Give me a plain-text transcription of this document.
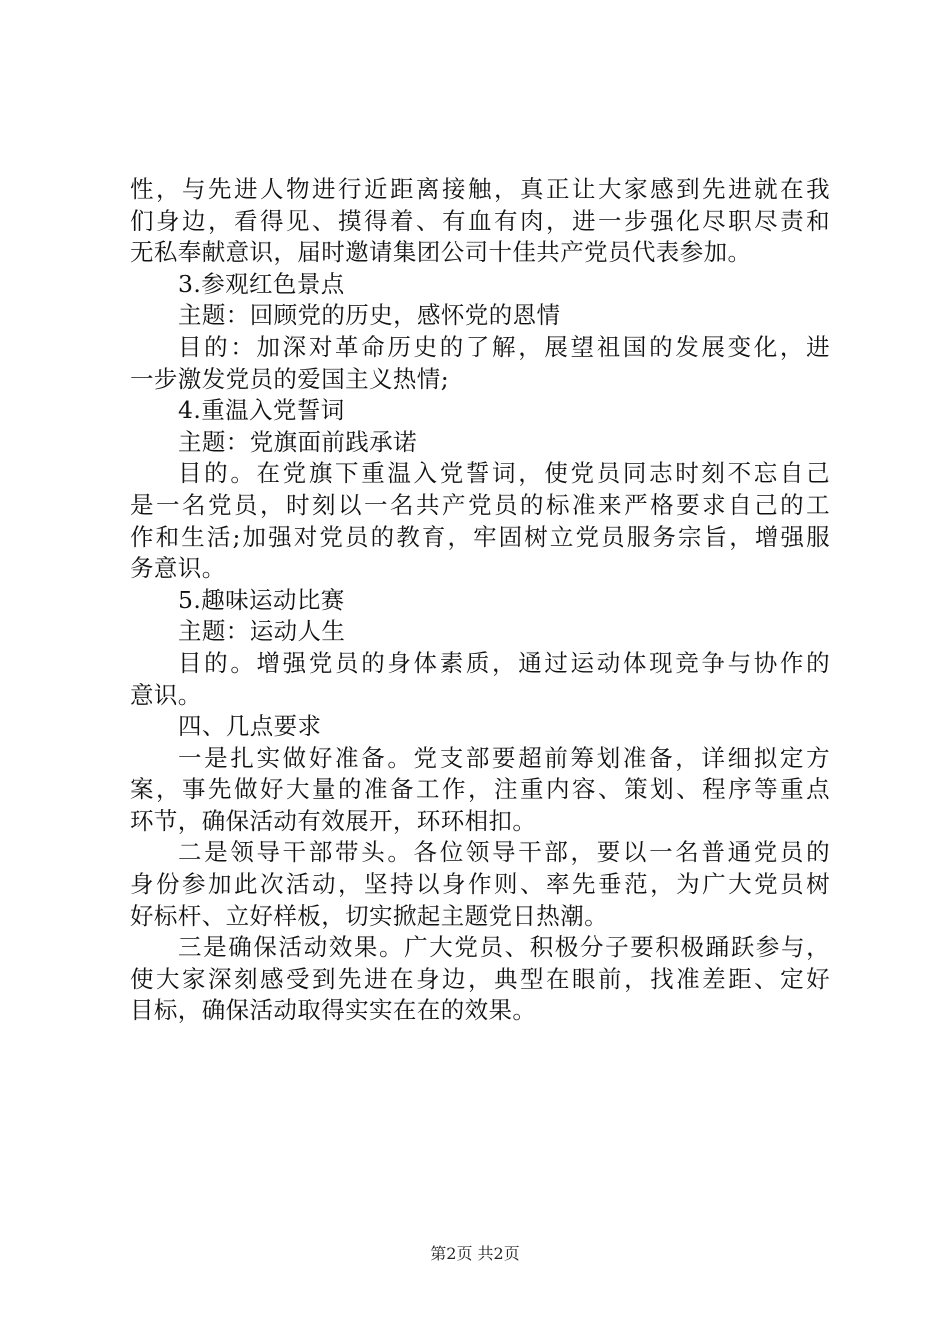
性，与先进人物进行近距离接触，真正让大家感到先进就在我
们身边，看得见、摸得着、有血有肉，进一步强化尽职尽责和
无私奉献意识，届时邀请集团公司十佳共产党员代表参加。
3.参观红色景点
主题：回顾党的历史，感怀党的恩情
目的：加深对革命历史的了解，展望祖国的发展变化，进
一步激发党员的爱国主义热情;
4.重温入党誓词
主题：党旗面前践承诺
目的。在党旗下重温入党誓词，使党员同志时刻不忘自己
是一名党员，时刻以一名共产党员的标准来严格要求自己的工
作和生活;加强对党员的教育，牢固树立党员服务宗旨，增强服
务意识。
5.趣味运动比赛
主题：运动人生
目的。增强党员的身体素质，通过运动体现竞争与协作的
意识。
四、几点要求
一是扎实做好准备。党支部要超前筹划准备，详细拟定方
案，事先做好大量的准备工作，注重内容、策划、程序等重点
环节，确保活动有效展开，环环相扣。
二是领导干部带头。各位领导干部，要以一名普通党员的
身份参加此次活动，坚持以身作则、率先垂范，为广大党员树
好标杆、立好样板，切实掀起主题党日热潮。
三是确保活动效果。广大党员、积极分子要积极踊跃参与，
使大家深刻感受到先进在身边，典型在眼前，找准差距、定好
目标，确保活动取得实实在在的效果。
第2页 共2页
